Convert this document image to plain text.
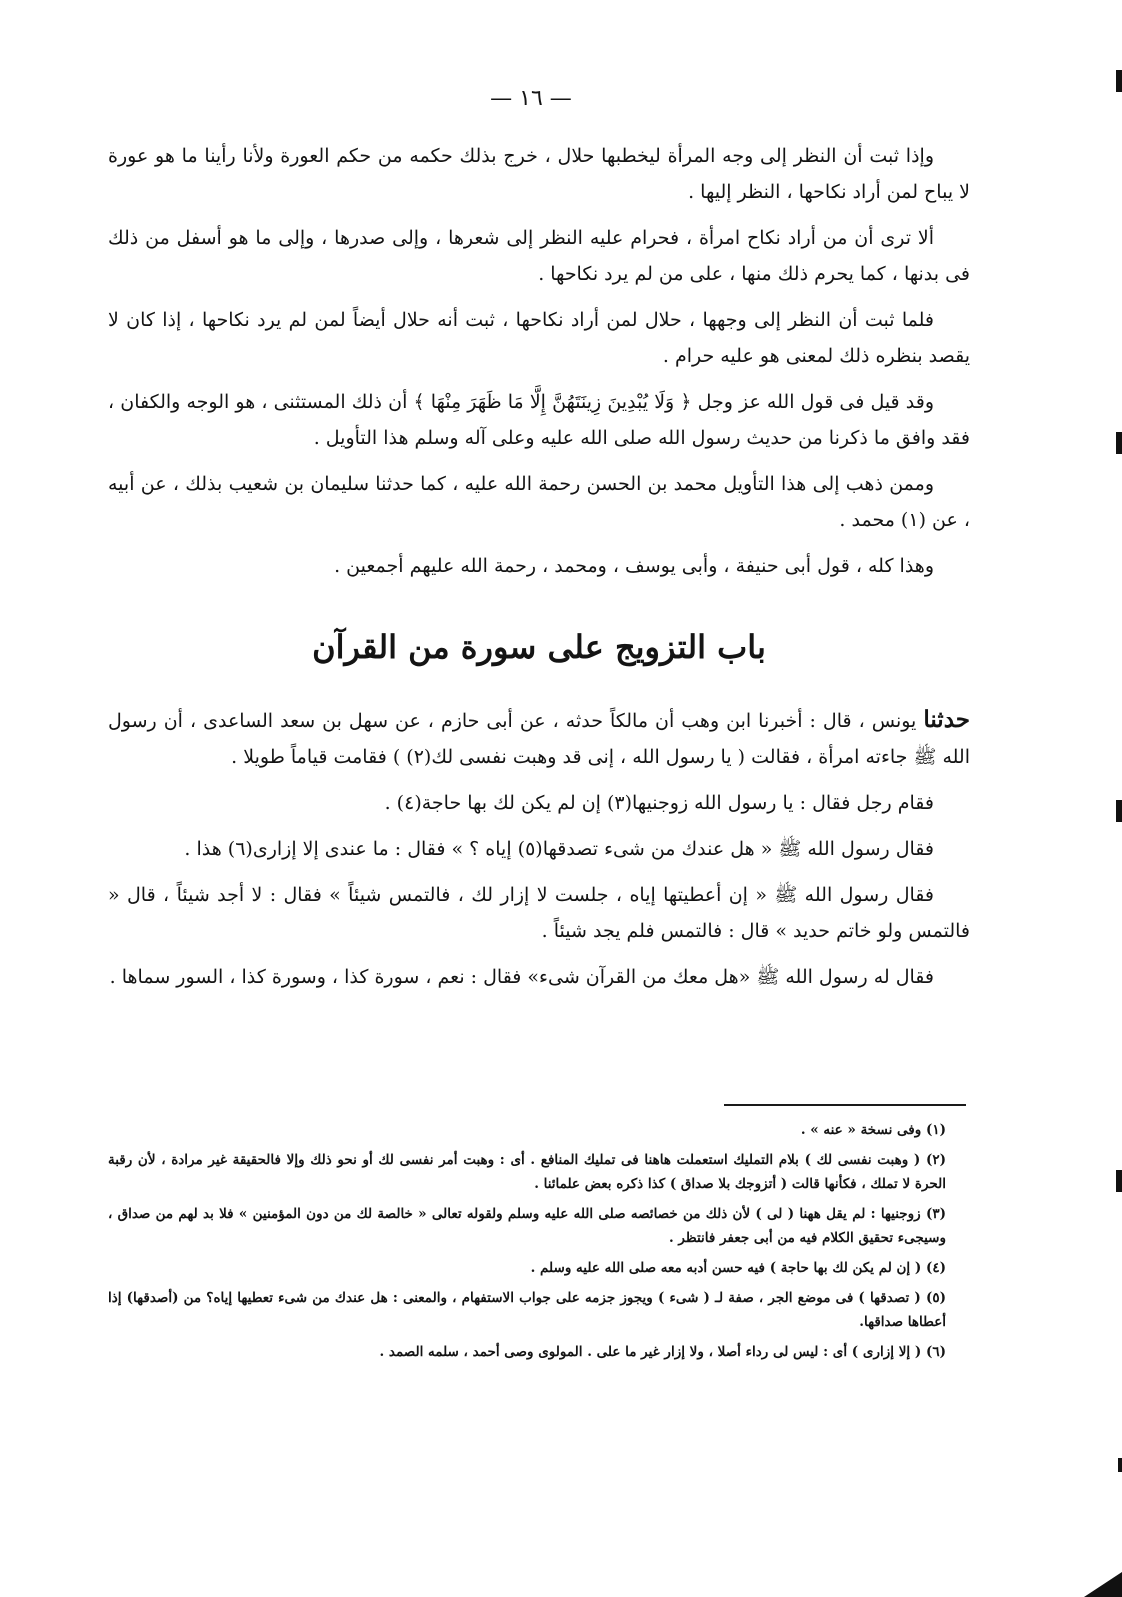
— ١٦ —

وإذا ثبت أن النظر إلى وجه المرأة ليخطبها حلال ، خرج بذلك حكمه من حكم العورة ولأنا رأينا ما هو عورة لا يباح لمن أراد نكاحها ، النظر إليها .

ألا ترى أن من أراد نكاح امرأة ، فحرام عليه النظر إلى شعرها ، وإلى صدرها ، وإلى ما هو أسفل من ذلك فى بدنها ، كما يحرم ذلك منها ، على من لم يرد نكاحها .

فلما ثبت أن النظر إلى وجهها ، حلال لمن أراد نكاحها ، ثبت أنه حلال أيضاً لمن لم يرد نكاحها ، إذا كان لا يقصد بنظره ذلك لمعنى هو عليه حرام .

وقد قيل فى قول الله عز وجل ﴿ وَلَا يُبْدِينَ زِينَتَهُنَّ إِلَّا مَا ظَهَرَ مِنْهَا ﴾ أن ذلك المستثنى ، هو الوجه والكفان ، فقد وافق ما ذكرنا من حديث رسول الله صلى الله عليه وعلى آله وسلم هذا التأويل .

وممن ذهب إلى هذا التأويل محمد بن الحسن رحمة الله عليه ، كما حدثنا سليمان بن شعيب بذلك ، عن أبيه ، عن (١) محمد .

وهذا كله ، قول أبى حنيفة ، وأبى يوسف ، ومحمد ، رحمة الله عليهم أجمعين .

باب التزويج على سورة من القرآن

حدثنا يونس ، قال : أخبرنا ابن وهب أن مالكاً حدثه ، عن أبى حازم ، عن سهل بن سعد الساعدى ، أن رسول الله ﷺ جاءته امرأة ، فقالت ( يا رسول الله ، إنى قد وهبت نفسى لك(٢) ) فقامت قياماً طويلا .

فقام رجل فقال : يا رسول الله زوجنيها(٣) إن لم يكن لك بها حاجة(٤) .

فقال رسول الله ﷺ « هل عندك من شىء تصدقها(٥) إياه ؟ » فقال : ما عندى إلا إزارى(٦) هذا .

فقال رسول الله ﷺ « إن أعطيتها إياه ، جلست لا إزار لك ، فالتمس شيئاً » فقال : لا أجد شيئاً ، قال « فالتمس ولو خاتم حديد » قال : فالتمس فلم يجد شيئاً .

فقال له رسول الله ﷺ «هل معك من القرآن شىء» فقال : نعم ، سورة كذا ، وسورة كذا ، السور سماها .

(١) وفى نسخة « عنه » .

(٢) ( وهبت نفسى لك ) بلام التمليك استعملت هاهنا فى تمليك المنافع . أى : وهبت أمر نفسى لك أو نحو ذلك وإلا فالحقيقة غير مرادة ، لأن رقبة الحرة لا تملك ، فكأنها قالت ( أتزوجك بلا صداق ) كذا ذكره بعض علمائنا .

(٣) زوجنيها : لم يقل ههنا ( لى ) لأن ذلك من خصائصه صلى الله عليه وسلم ولقوله تعالى « خالصة لك من دون المؤمنين » فلا بد لهم من صداق ، وسيجىء تحقيق الكلام فيه من أبى جعفر فانتظر .

(٤) ( إن لم يكن لك بها حاجة ) فيه حسن أدبه معه صلى الله عليه وسلم .

(٥) ( تصدقها ) فى موضع الجر ، صفة لـ ( شىء ) ويجوز جزمه على جواب الاستفهام ، والمعنى : هل عندك من شىء تعطيها إياه؟ من (أصدقها) إذا أعطاها صداقها.

(٦) ( إلا إزارى ) أى : ليس لى رداء أصلا ، ولا إزار غير ما على . المولوى وصى أحمد ، سلمه الصمد .
